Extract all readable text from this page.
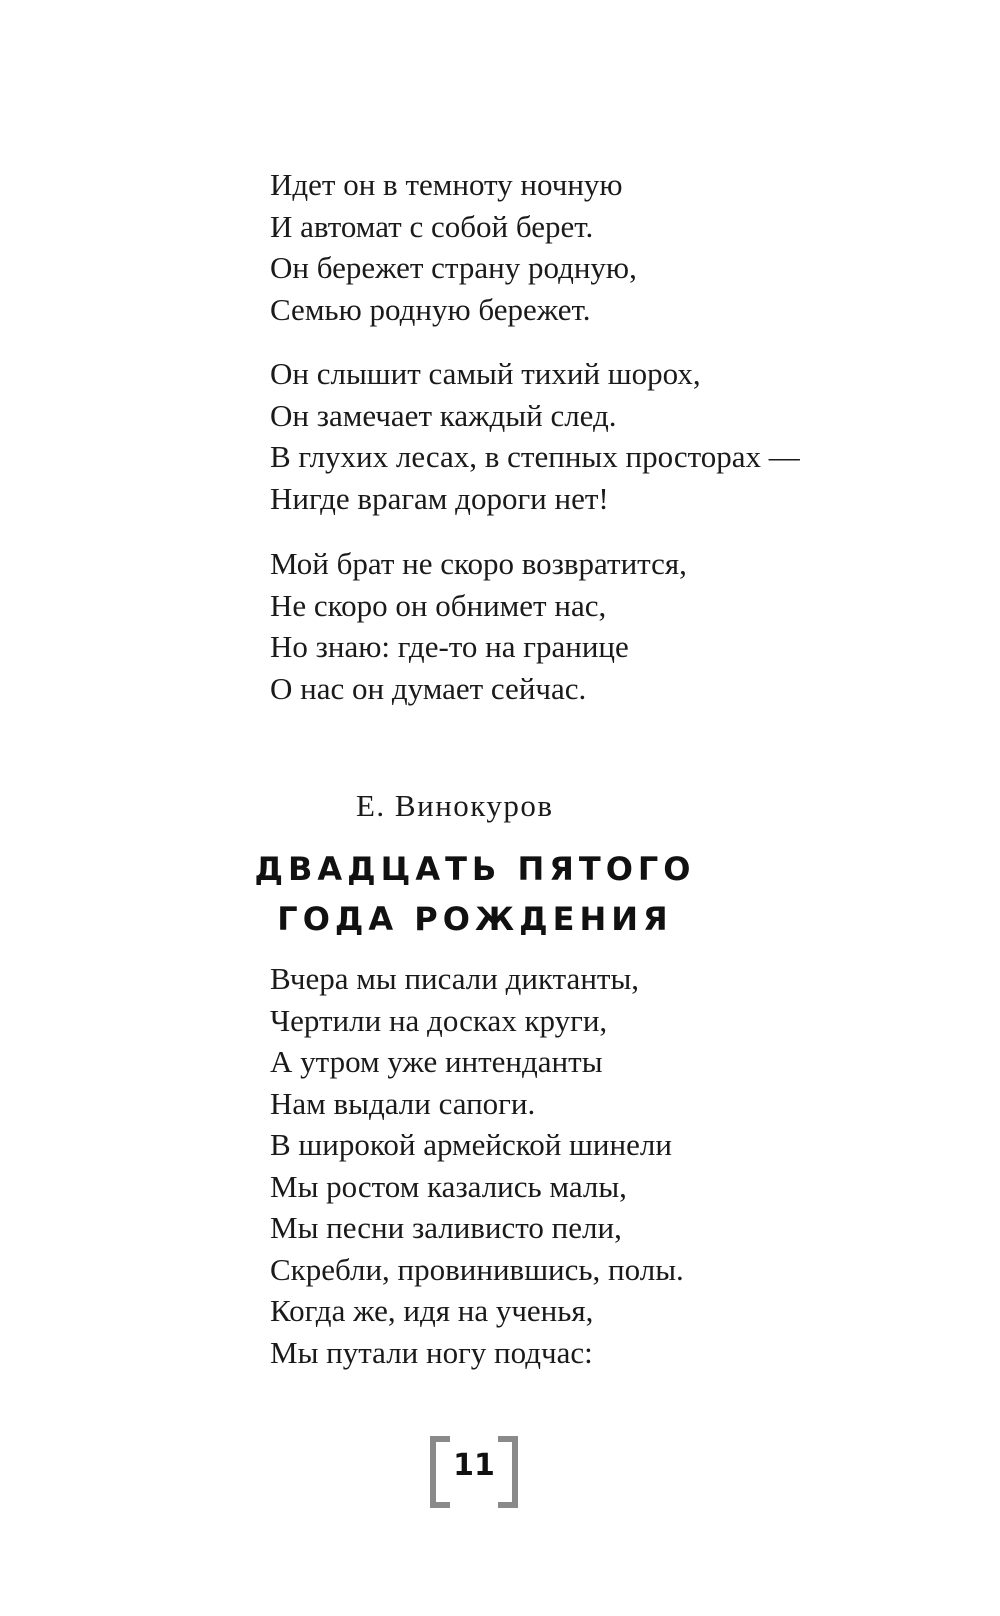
Идет он в темноту ночную
И автомат с собой берет.
Он бережет страну родную,
Семью родную бережет.
Он слышит самый тихий шорох,
Он замечает каждый след.
В глухих лесах, в степных просторах —
Нигде врагам дороги нет!
Мой брат не скоро возвратится,
Не скоро он обнимет нас,
Но знаю: где-то на границе
О нас он думает сейчас.
Е. Винокуров
ДВАДЦАТЬ ПЯТОГО
ГОДА РОЖДЕНИЯ
Вчера мы писали диктанты,
Чертили на досках круги,
А утром уже интенданты
Нам выдали сапоги.
В широкой армейской шинели
Мы ростом казались малы,
Мы песни заливисто пели,
Скребли, провинившись, полы.
Когда же, идя на ученья,
Мы путали ногу подчас:
11
